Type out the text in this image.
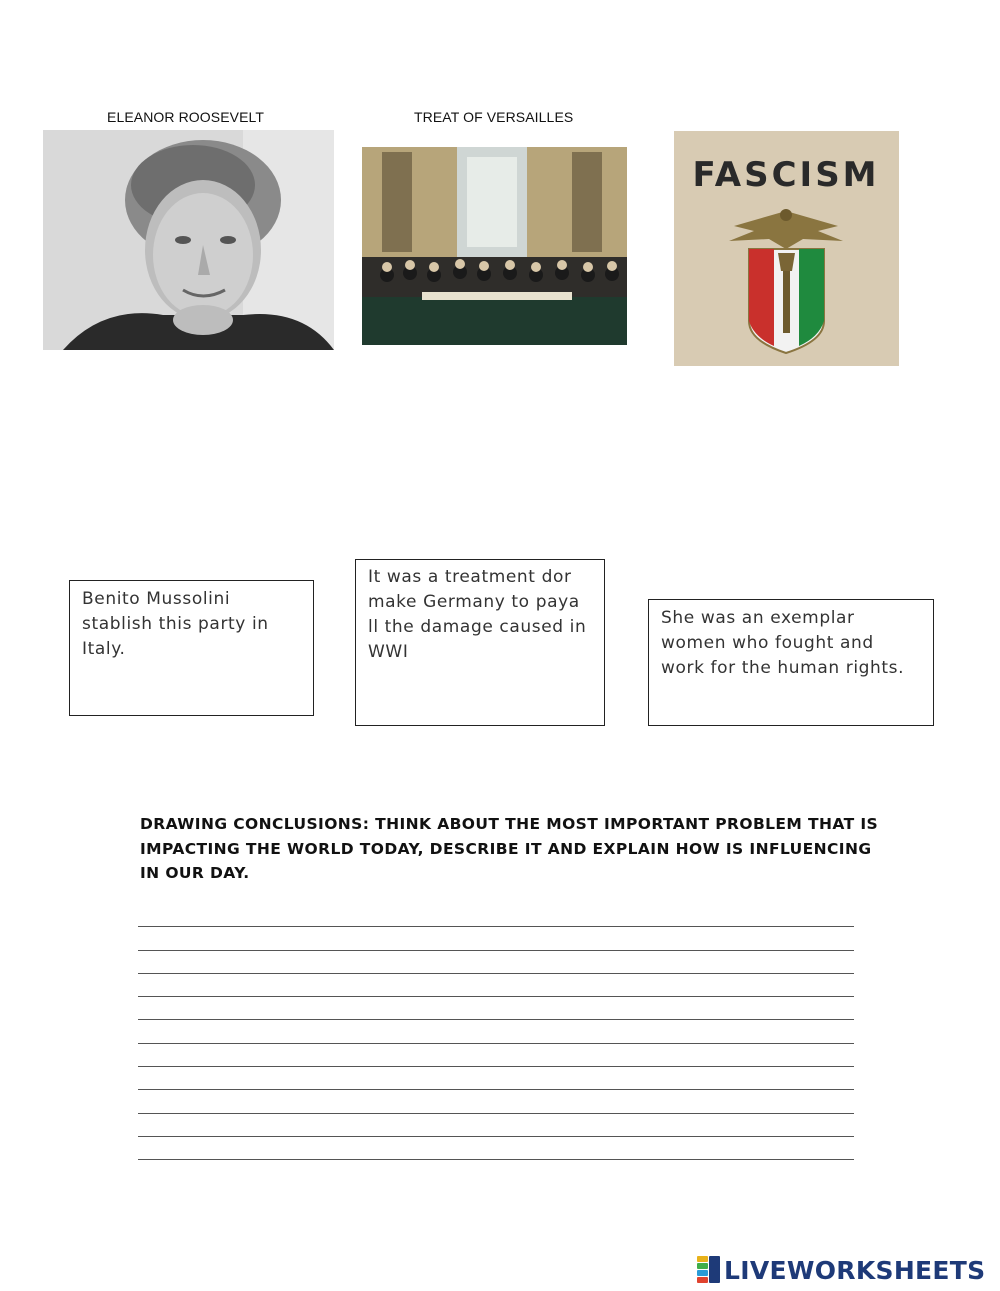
ELEANOR ROOSEVELT	TREAT OF VERSAILLES
FASCISM
Benito Mussolini stablish this party in Italy.
It was a treatment dor make Germany to paya ll the damage caused in WWI
She was an exemplar women who fought and work for the human rights.
DRAWING CONCLUSIONS: THINK ABOUT THE MOST IMPORTANT PROBLEM THAT IS IMPACTING THE WORLD TODAY, DESCRIBE IT AND EXPLAIN HOW IS INFLUENCING IN OUR DAY.
LIVEWORKSHEETS
